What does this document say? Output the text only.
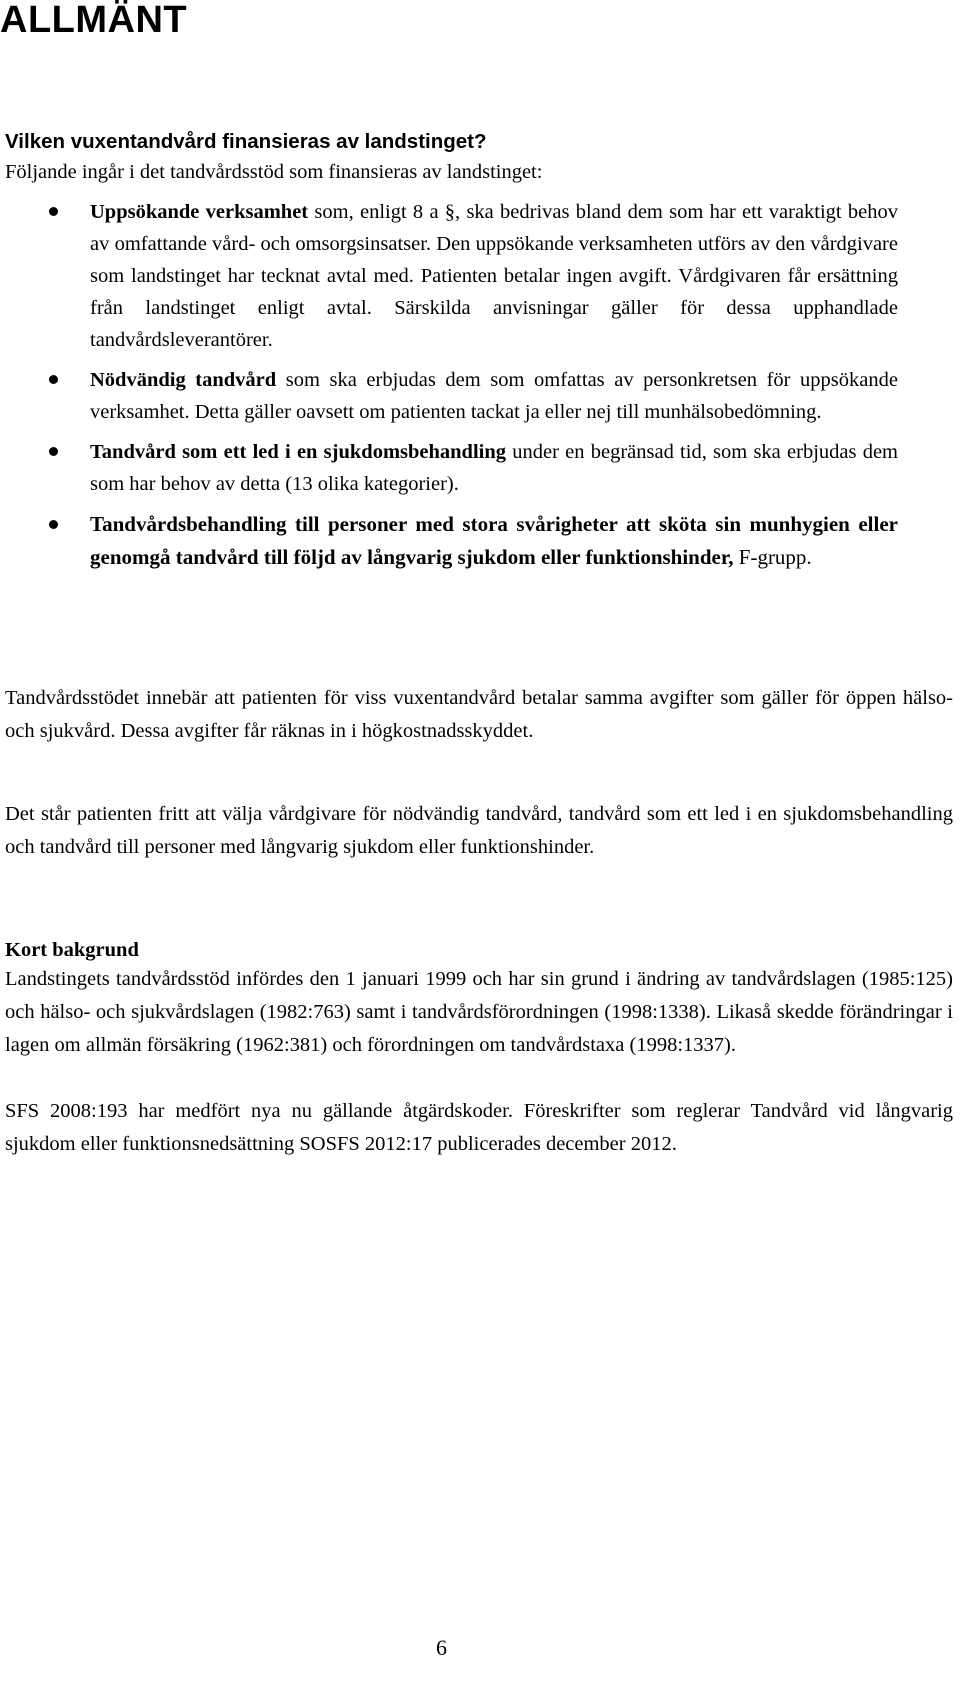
ALLMÄNT
Vilken vuxentandvård finansieras av landstinget?

Följande ingår i det tandvårdsstöd som finansieras av landstinget:

Uppsökande verksamhet som, enligt 8 a §, ska bedrivas bland dem som har ett varaktigt behov av omfattande vård- och omsorgsinsatser. Den uppsökande verksamheten utförs av den vårdgivare som landstinget har tecknat avtal med. Patienten betalar ingen avgift. Vårdgivaren får ersättning från landstinget enligt avtal. Särskilda anvisningar gäller för dessa upphandlade tandvårdsleverantörer.
Nödvändig tandvård som ska erbjudas dem som omfattas av personkretsen för uppsökande verksamhet. Detta gäller oavsett om patienten tackat ja eller nej till munhälsobedömning.
Tandvård som ett led i en sjukdomsbehandling under en begränsad tid, som ska erbjudas dem som har behov av detta (13 olika kategorier).
Tandvårdsbehandling till personer med stora svårigheter att sköta sin munhygien eller genomgå tandvård till följd av långvarig sjukdom eller funktionshinder, F-grupp.

Tandvårdsstödet innebär att patienten för viss vuxentandvård betalar samma avgifter som gäller för öppen hälso- och sjukvård. Dessa avgifter får räknas in i högkostnadsskyddet.

Det står patienten fritt att välja vårdgivare för nödvändig tandvård, tandvård som ett led i en sjukdomsbehandling och tandvård till personer med långvarig sjukdom eller funktionshinder.

Kort bakgrund

Landstingets tandvårdsstöd infördes den 1 januari 1999 och har sin grund i ändring av tandvårdslagen (1985:125) och hälso- och sjukvårdslagen (1982:763) samt i tandvårdsförordningen (1998:1338). Likaså skedde förändringar i lagen om allmän försäkring (1962:381) och förordningen om tandvårdstaxa (1998:1337).

SFS 2008:193 har medfört nya nu gällande åtgärdskoder. Föreskrifter som reglerar Tandvård vid långvarig sjukdom eller funktionsnedsättning SOSFS 2012:17 publicerades december 2012.

6
